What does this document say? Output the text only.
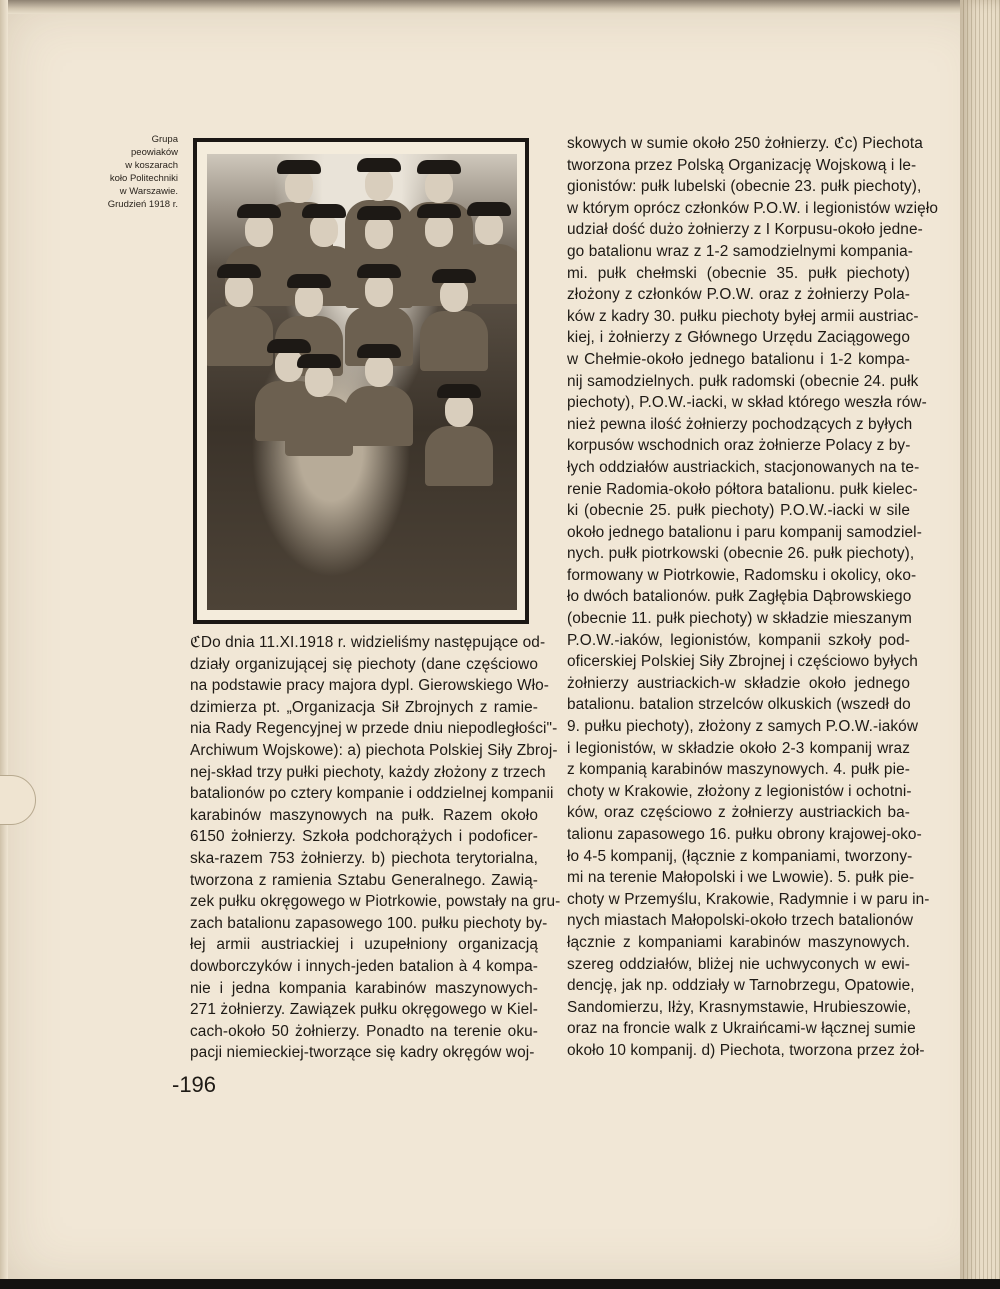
Grupa
peowiaków
w koszarach
koło Politechniki
w Warszawie.
Grudzień 1918 r.
ℭDo dnia 11.XI.1918 r. widzieliśmy następujące od-
działy organizującej się piechoty (dane częściowo
na podstawie pracy majora dypl. Gierowskiego Wło-
dzimierza pt. „Organizacja Sił Zbrojnych z ramie-
nia Rady Regencyjnej w przede dniu niepodległości"-
Archiwum Wojskowe): a) piechota Polskiej Siły Zbroj-
nej-skład trzy pułki piechoty, każdy złożony z trzech
batalionów po cztery kompanie i oddzielnej kompanii
karabinów maszynowych na pułk. Razem około
6150 żołnierzy. Szkoła podchorążych i podoficer-
ska-razem 753 żołnierzy. b) piechota terytorialna,
tworzona z ramienia Sztabu Generalnego. Zawią-
zek pułku okręgowego w Piotrkowie, powstały na gru-
zach batalionu zapasowego 100. pułku piechoty by-
łej armii austriackiej i uzupełniony organizacją
dowborczyków i innych-jeden batalion à 4 kompa-
nie i jedna kompania karabinów maszynowych-
271 żołnierzy. Zawiązek pułku okręgowego w Kiel-
cach-około 50 żołnierzy. Ponadto na terenie oku-
pacji niemieckiej-tworzące się kadry okręgów woj-
skowych w sumie około 250 żołnierzy. ℭc) Piechota
tworzona przez Polską Organizację Wojskową i le-
gionistów: pułk lubelski (obecnie 23. pułk piechoty),
w którym oprócz członków P.O.W. i legionistów wzięło
udział dość dużo żołnierzy z I Korpusu-około jedne-
go batalionu wraz z 1-2 samodzielnymi kompania-
mi. pułk chełmski (obecnie 35. pułk piechoty)
złożony z członków P.O.W. oraz z żołnierzy Pola-
ków z kadry 30. pułku piechoty byłej armii austriac-
kiej, i żołnierzy z Głównego Urzędu Zaciągowego
w Chełmie-około jednego batalionu i 1-2 kompa-
nij samodzielnych. pułk radomski (obecnie 24. pułk
piechoty), P.O.W.-iacki, w skład którego weszła rów-
nież pewna ilość żołnierzy pochodzących z byłych
korpusów wschodnich oraz żołnierze Polacy z by-
łych oddziałów austriackich, stacjonowanych na te-
renie Radomia-około półtora batalionu. pułk kielec-
ki (obecnie 25. pułk piechoty) P.O.W.-iacki w sile
około jednego batalionu i paru kompanij samodziel-
nych. pułk piotrkowski (obecnie 26. pułk piechoty),
formowany w Piotrkowie, Radomsku i okolicy, oko-
ło dwóch batalionów. pułk Zagłębia Dąbrowskiego
(obecnie 11. pułk piechoty) w składzie mieszanym
P.O.W.-iaków, legionistów, kompanii szkoły pod-
oficerskiej Polskiej Siły Zbrojnej i częściowo byłych
żołnierzy austriackich-w składzie około jednego
batalionu. batalion strzelców olkuskich (wszedł do
9. pułku piechoty), złożony z samych P.O.W.-iaków
i legionistów, w składzie około 2-3 kompanij wraz
z kompanią karabinów maszynowych. 4. pułk pie-
choty w Krakowie, złożony z legionistów i ochotni-
ków, oraz częściowo z żołnierzy austriackich ba-
talionu zapasowego 16. pułku obrony krajowej-oko-
ło 4-5 kompanij, (łącznie z kompaniami, tworzony-
mi na terenie Małopolski i we Lwowie). 5. pułk pie-
choty w Przemyślu, Krakowie, Radymnie i w paru in-
nych miastach Małopolski-około trzech batalionów
łącznie z kompaniami karabinów maszynowych.
szereg oddziałów, bliżej nie uchwyconych w ewi-
dencję, jak np. oddziały w Tarnobrzegu, Opatowie,
Sandomierzu, Iłży, Krasnymstawie, Hrubieszowie,
oraz na froncie walk z Ukraińcami-w łącznej sumie
około 10 kompanij. d) Piechota, tworzona przez żoł-
-196
